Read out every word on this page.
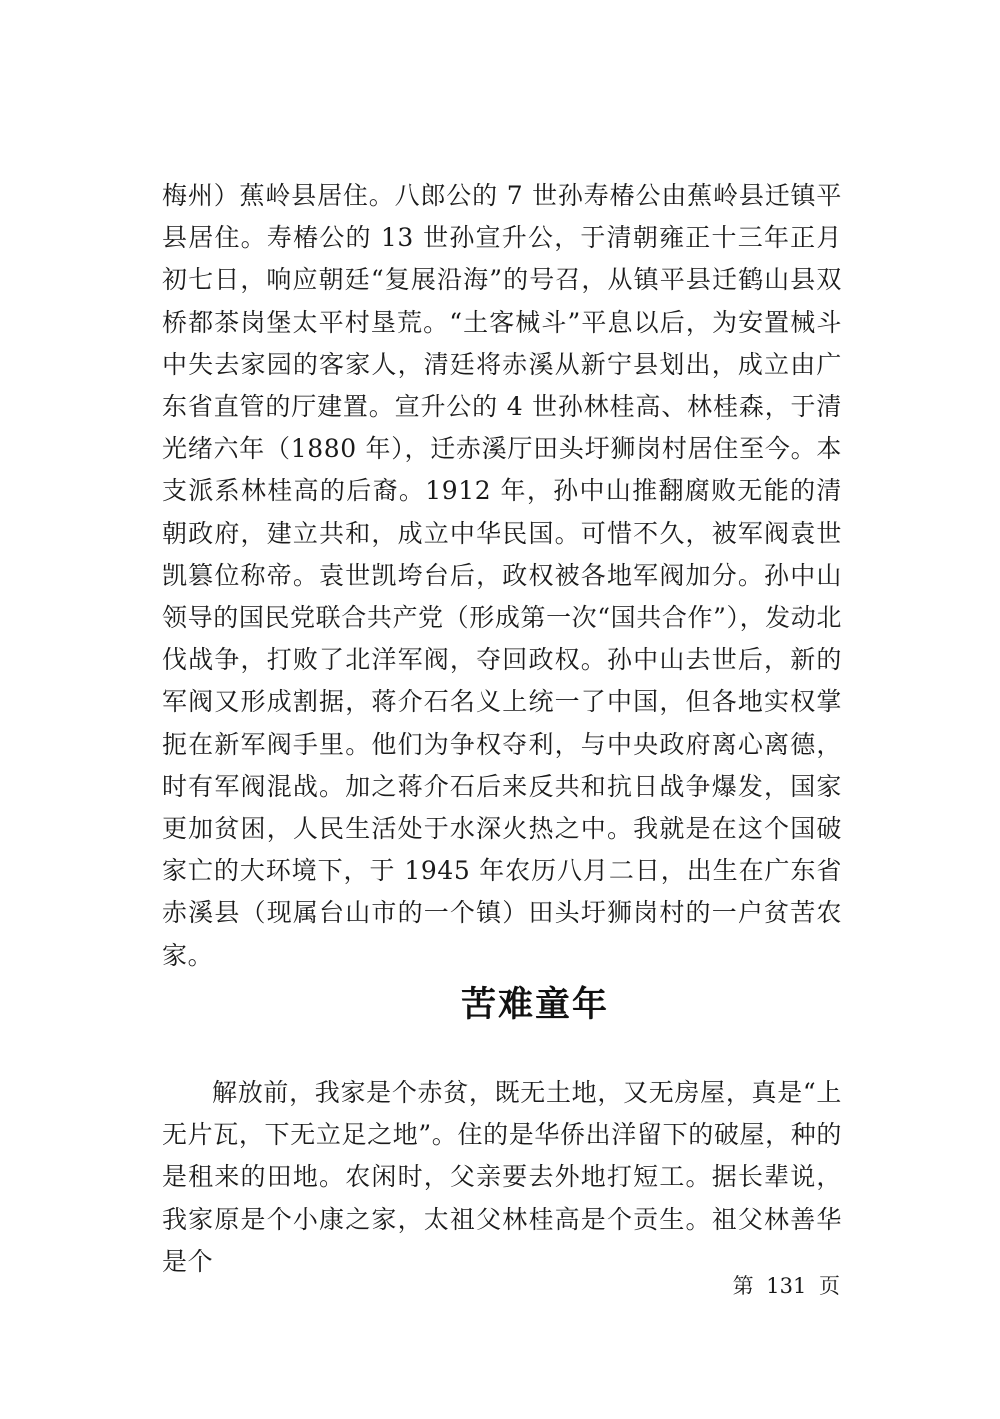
梅州）蕉岭县居住。八郎公的 7 世孙寿椿公由蕉岭县迁镇平县居住。寿椿公的 13 世孙宣升公，于清朝雍正十三年正月初七日，响应朝廷“复展沿海”的号召，从镇平县迁鹤山县双桥都茶岗堡太平村垦荒。“土客械斗”平息以后，为安置械斗中失去家园的客家人，清廷将赤溪从新宁县划出，成立由广东省直管的厅建置。宣升公的 4 世孙林桂高、林桂森，于清光绪六年（1880 年），迁赤溪厅田头圩狮岗村居住至今。本支派系林桂高的后裔。1912 年，孙中山推翻腐败无能的清朝政府，建立共和，成立中华民国。可惜不久，被军阀袁世凯篡位称帝。袁世凯垮台后，政权被各地军阀加分。孙中山领导的国民党联合共产党（形成第一次“国共合作”），发动北伐战争，打败了北洋军阀，夺回政权。孙中山去世后，新的军阀又形成割据，蒋介石名义上统一了中国，但各地实权掌扼在新军阀手里。他们为争权夺利，与中央政府离心离德，时有军阀混战。加之蒋介石后来反共和抗日战争爆发，国家更加贫困，人民生活处于水深火热之中。我就是在这个国破家亡的大环境下，于 1945 年农历八月二日，出生在广东省赤溪县（现属台山市的一个镇）田头圩狮岗村的一户贫苦农家。

苦难童年

解放前，我家是个赤贫，既无土地，又无房屋，真是“上无片瓦，下无立足之地”。住的是华侨出洋留下的破屋，种的是租来的田地。农闲时，父亲要去外地打短工。据长辈说，我家原是个小康之家，太祖父林桂高是个贡生。祖父林善华是个

第 131 页
